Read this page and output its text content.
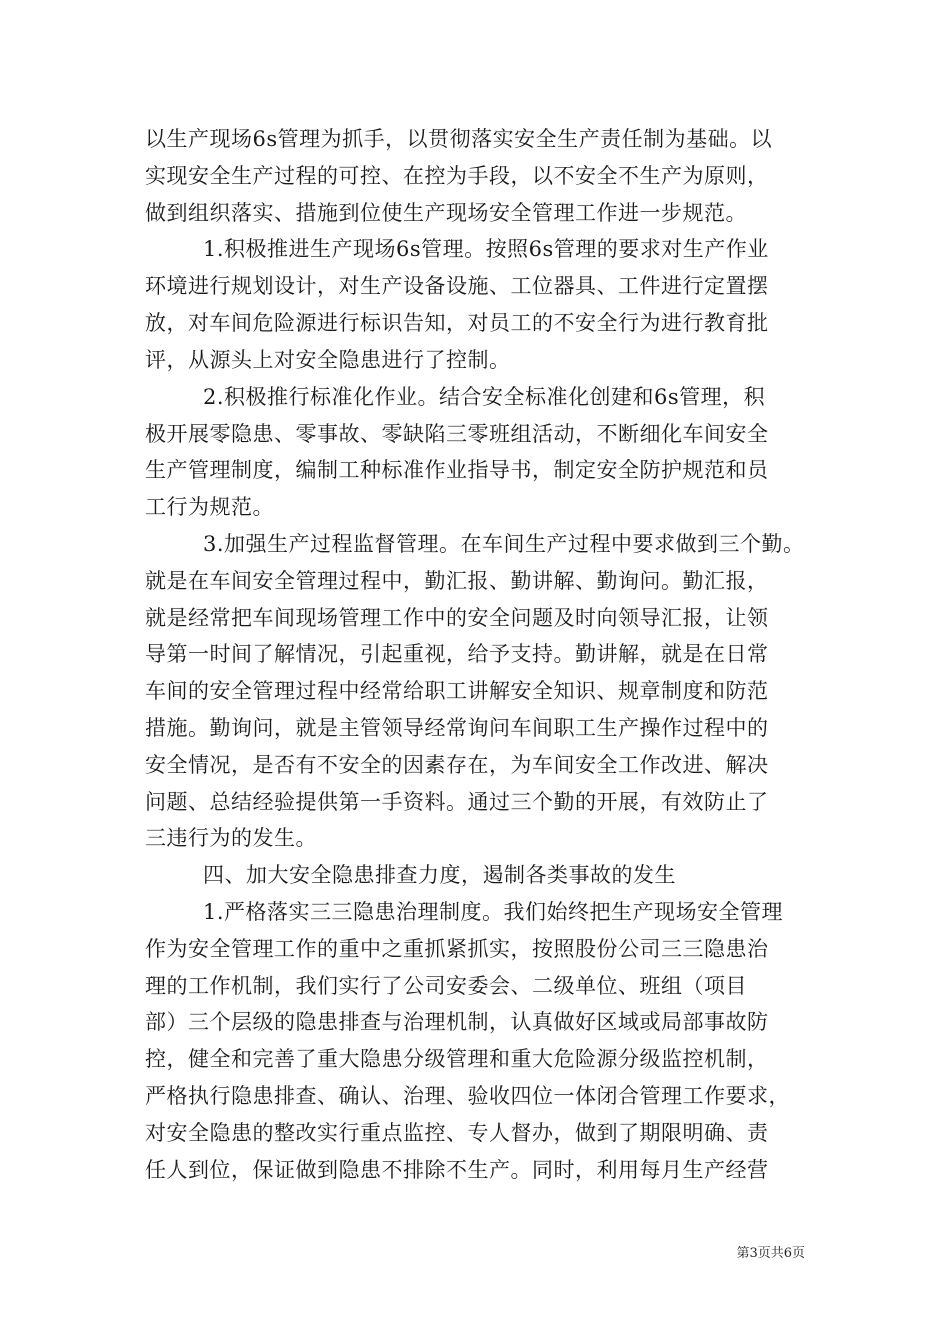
以生产现场6s管理为抓手，以贯彻落实安全生产责任制为基础。以
实现安全生产过程的可控、在控为手段，以不安全不生产为原则，
做到组织落实、措施到位使生产现场安全管理工作进一步规范。
1.积极推进生产现场6s管理。按照6s管理的要求对生产作业
环境进行规划设计，对生产设备设施、工位器具、工件进行定置摆
放，对车间危险源进行标识告知，对员工的不安全行为进行教育批
评，从源头上对安全隐患进行了控制。
2.积极推行标准化作业。结合安全标准化创建和6s管理，积
极开展零隐患、零事故、零缺陷三零班组活动，不断细化车间安全
生产管理制度，编制工种标准作业指导书，制定安全防护规范和员
工行为规范。
3.加强生产过程监督管理。在车间生产过程中要求做到三个勤。
就是在车间安全管理过程中，勤汇报、勤讲解、勤询问。勤汇报，
就是经常把车间现场管理工作中的安全问题及时向领导汇报，让领
导第一时间了解情况，引起重视，给予支持。勤讲解，就是在日常
车间的安全管理过程中经常给职工讲解安全知识、规章制度和防范
措施。勤询问，就是主管领导经常询问车间职工生产操作过程中的
安全情况，是否有不安全的因素存在，为车间安全工作改进、解决
问题、总结经验提供第一手资料。通过三个勤的开展，有效防止了
三违行为的发生。
四、加大安全隐患排查力度，遏制各类事故的发生
1.严格落实三三隐患治理制度。我们始终把生产现场安全管理
作为安全管理工作的重中之重抓紧抓实，按照股份公司三三隐患治
理的工作机制，我们实行了公司安委会、二级单位、班组（项目
部）三个层级的隐患排查与治理机制，认真做好区域或局部事故防
控，健全和完善了重大隐患分级管理和重大危险源分级监控机制，
严格执行隐患排查、确认、治理、验收四位一体闭合管理工作要求，
对安全隐患的整改实行重点监控、专人督办，做到了期限明确、责
任人到位，保证做到隐患不排除不生产。同时，利用每月生产经营
第3页共6页
